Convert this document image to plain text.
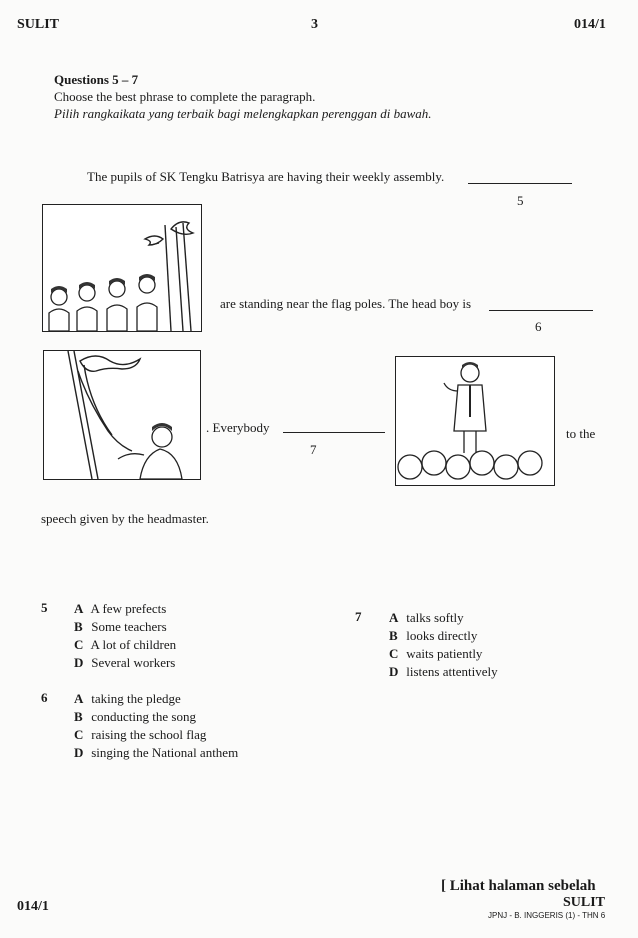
SULIT	3	014/1
Questions 5 – 7
Choose the best phrase to complete the paragraph.
Pilih rangkaikata yang terbaik bagi melengkapkan perenggan di bawah.
The pupils of SK Tengku Batrisya are having their weekly assembly.
5
are standing near the flag poles. The head boy is
6
. Everybody
7
to the
speech given by the headmaster.
5 A A few prefects
B Some teachers
C A lot of children
D Several workers
7 A talks softly
B looks directly
C waits patiently
D listens attentively
6 A taking the pledge
B conducting the song
C raising the school flag
D singing the National anthem
014/1
[ Lihat halaman sebelah
SULIT
JPNJ - B. INGGERIS (1) - THN 6
